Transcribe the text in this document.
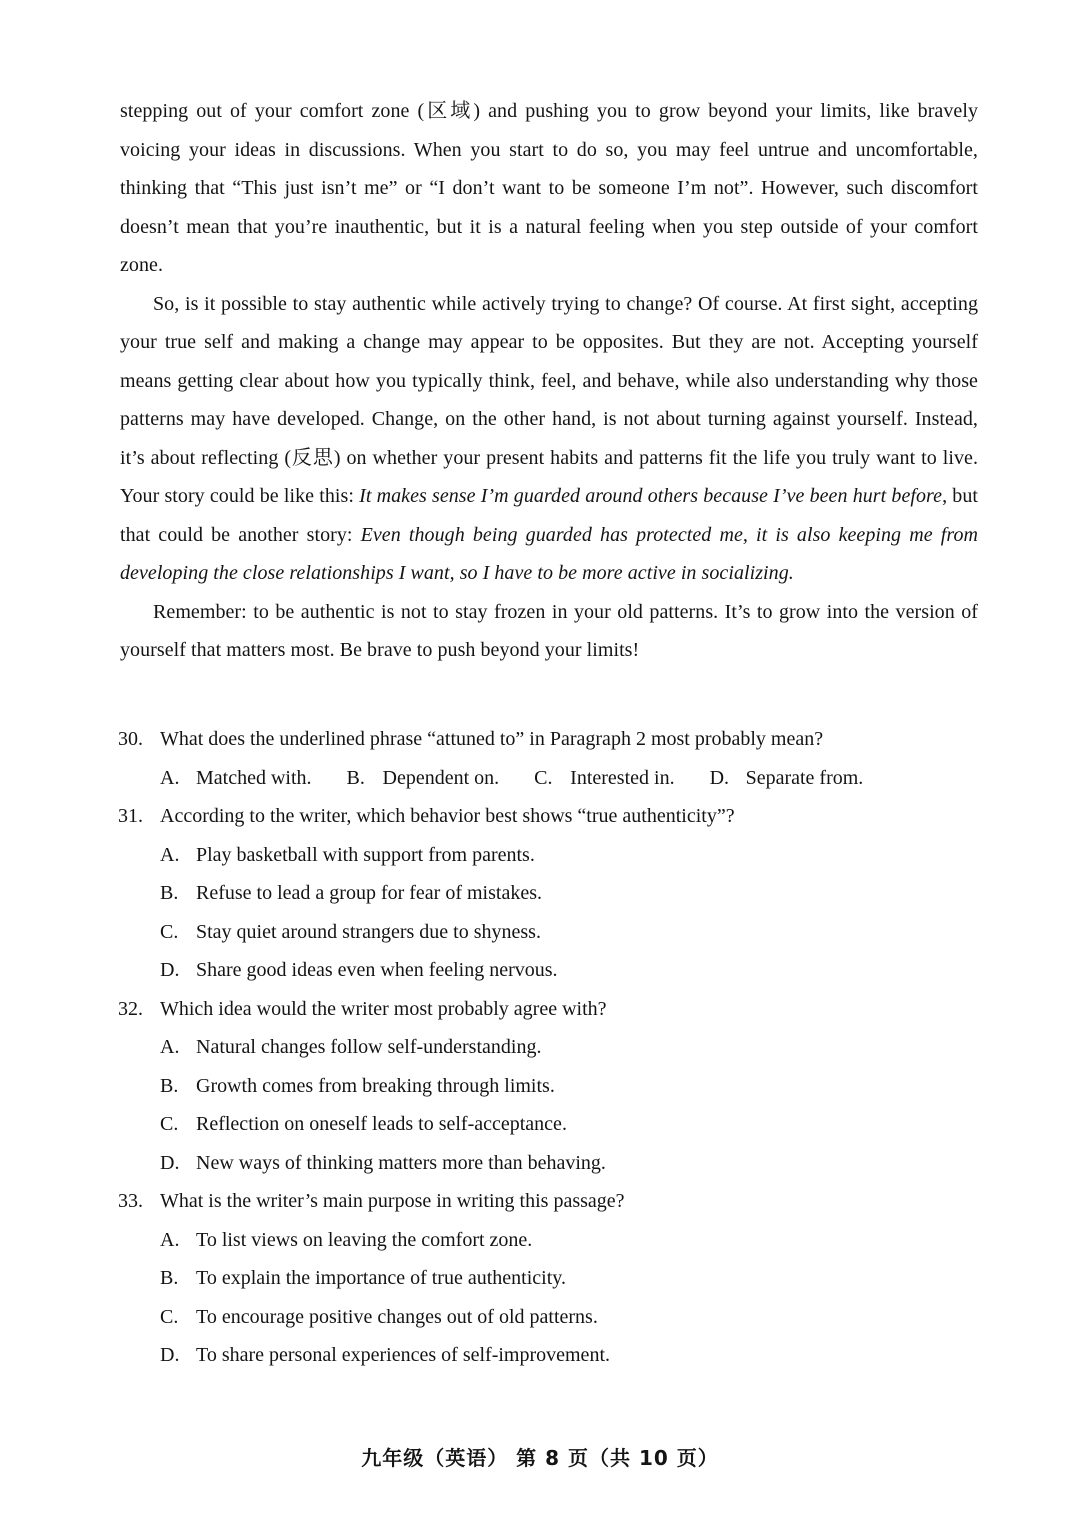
stepping out of your comfort zone (区域) and pushing you to grow beyond your limits, like bravely voicing your ideas in discussions. When you start to do so, you may feel untrue and uncomfortable, thinking that “This just isn’t me” or “I don’t want to be someone I’m not”. However, such discomfort doesn’t mean that you’re inauthentic, but it is a natural feeling when you step outside of your comfort zone.

So, is it possible to stay authentic while actively trying to change? Of course. At first sight, accepting your true self and making a change may appear to be opposites. But they are not. Accepting yourself means getting clear about how you typically think, feel, and behave, while also understanding why those patterns may have developed. Change, on the other hand, is not about turning against yourself. Instead, it’s about reflecting (反思) on whether your present habits and patterns fit the life you truly want to live. Your story could be like this: It makes sense I’m guarded around others because I’ve been hurt before, but that could be another story: Even though being guarded has protected me, it is also keeping me from developing the close relationships I want, so I have to be more active in socializing.

Remember: to be authentic is not to stay frozen in your old patterns. It’s to grow into the version of yourself that matters most. Be brave to push beyond your limits!

30. What does the underlined phrase “attuned to” in Paragraph 2 most probably mean?
A. Matched with. B. Dependent on. C. Interested in. D. Separate from.
31. According to the writer, which behavior best shows “true authenticity”?
A. Play basketball with support from parents.
B. Refuse to lead a group for fear of mistakes.
C. Stay quiet around strangers due to shyness.
D. Share good ideas even when feeling nervous.
32. Which idea would the writer most probably agree with?
A. Natural changes follow self-understanding.
B. Growth comes from breaking through limits.
C. Reflection on oneself leads to self-acceptance.
D. New ways of thinking matters more than behaving.
33. What is the writer’s main purpose in writing this passage?
A. To list views on leaving the comfort zone.
B. To explain the importance of true authenticity.
C. To encourage positive changes out of old patterns.
D. To share personal experiences of self-improvement.
九年级（英语） 第 8 页（共 10 页）
